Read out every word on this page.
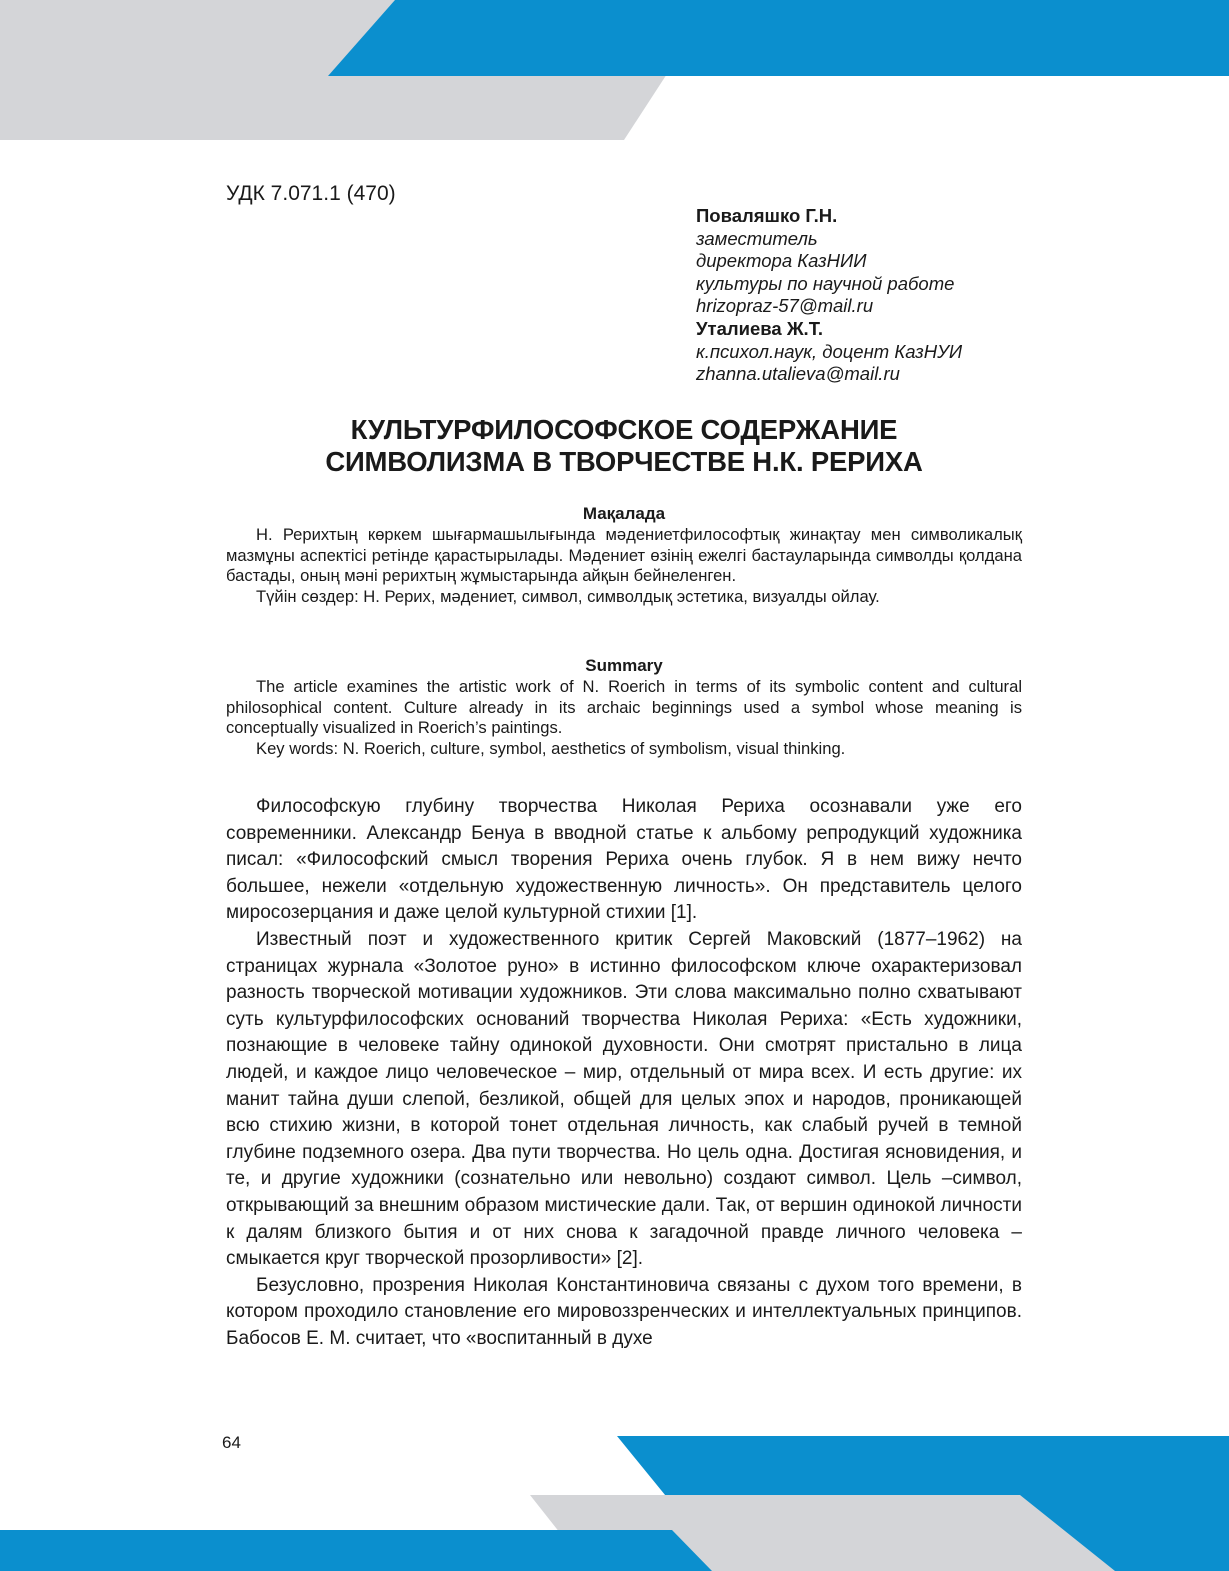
УДК 7.071.1 (470)
Поваляшко Г.Н.
заместитель
директора КазНИИ
культуры по научной работе
hrizopraz-57@mail.ru
Уталиева Ж.Т.
к.психол.наук, доцент КазНУИ
zhanna.utalieva@mail.ru
КУЛЬТУРФИЛОСОФСКОЕ СОДЕРЖАНИЕ
СИМВОЛИЗМА В ТВОРЧЕСТВЕ Н.К. РЕРИХА
Мақалада

Н. Рерихтың көркем шығармашылығында мәдениетфилософтық жинақтау мен символикалық мазмұны аспектісі ретінде қарастырылады. Мәдениет өзінің ежелгі бастауларында символды қолдана бастады, оның мәні рерихтың жұмыстарында айқын бейнеленген.

Түйін сөздер: Н. Рерих, мәдениет, символ, символдық эстетика, визуалды ойлау.

Summary

The article examines the artistic work of N. Roerich in terms of its symbolic content and cultural philosophical content. Culture already in its archaic beginnings used a symbol whose meaning is conceptually visualized in Roerich’s paintings.

Key words: N. Roerich, culture, symbol, aesthetics of symbolism, visual thinking.

Философскую глубину творчества Николая Рериха осознавали уже его современники. Александр Бенуа в вводной статье к альбому репродукций художника писал: «Философский смысл творения Рериха очень глубок. Я в нем вижу нечто большее, нежели «отдельную художественную личность». Он представитель целого миросозерцания и даже целой культурной стихии [1].

Известный поэт и художественного критик Сергей Маковский (1877–1962) на страницах журнала «Золотое руно» в истинно философском ключе охарактеризовал разность творческой мотивации художников. Эти слова максимально полно схватывают суть культурфилософских оснований творчества Николая Рериха: «Есть художники, познающие в человеке тайну одинокой духовности. Они смотрят пристально в лица людей, и каждое лицо человеческое – мир, отдельный от мира всех. И есть другие: их манит тайна души слепой, безликой, общей для целых эпох и народов, проникающей всю стихию жизни, в которой тонет отдельная личность, как слабый ручей в темной глубине подземного озера. Два пути творчества. Но цель одна. Достигая ясновидения, и те, и другие художники (сознательно или невольно) создают символ. Цель –символ, открывающий за внешним образом мистические дали. Так, от вершин одинокой личности к далям близкого бытия и от них снова к загадочной правде личного человека – смыкается круг творческой прозорливости» [2].

Безусловно, прозрения Николая Константиновича связаны с духом того времени, в котором проходило становление его мировоззренческих и интеллектуальных принципов. Бабосов Е. М. считает, что «воспитанный в духе

64
